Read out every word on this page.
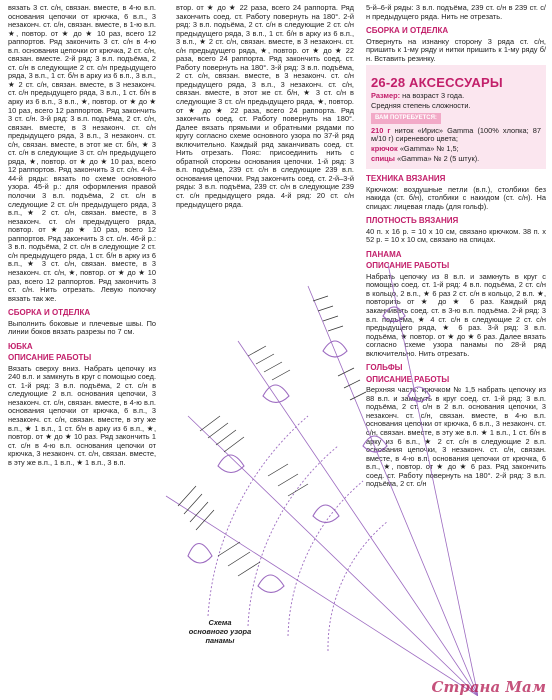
вязать 3 ст. с/н, связан. вместе, в 4-ю в.п. основания цепочки от крючка, 6 в.п., 3 незаконч. ст. с/н, связан. вместе, в 1-ю в.п. ★, повтор. от ★ до ★ 10 раз, всего 12 раппортов. Ряд закончить 3 ст. с/н в 4-ю в.п. основания цепочки от крючка, 2 ст. с/н, связан. вместе. 2-й ряд: 3 в.п. подъёма, 2 ст. с/н в следующие 2 ст. с/н предыдущего ряда, 3 в.п., 1 ст. б/н в арку из 6 в.п., 3 в.п., ★ 2 ст. с/н, связан. вместе, в 3 незаконч. ст. с/н предыдущего ряда, 3 в.п., 1 ст. б/н в арку из 6 в.п., 3 в.п., ★, повтор. от ★ до ★ 10 раз, всего 12 раппортов. Ряд закончить 3 ст. с/н. 3-й ряд: 3 в.п. подъёма, 2 ст. с/н, связан. вместе, в 3 незаконч. ст. с/н предыдущего ряда, 3 в.п., 3 незаконч. ст. с/н, связан. вместе, в этот же ст. б/н, ★ 3 ст. с/н в следующие 3 ст. с/н предыдущего ряда, ★, повтор. от ★ до ★ 10 раз, всего 12 раппортов. Ряд закончить 3 ст. с/н. 4-й–44-й ряды: вязать по схеме основного узора. 45-й р.: для оформления правой полочки 3 в.п. подъёма, 2 ст. с/н в следующие 2 ст. с/н предыдущего ряда, 3 в.п., ★ 2 ст. с/н, связан. вместе, в 3 незаконч. ст. с/н предыдущего ряда, повтор. от ★ до ★ 10 раз, всего 12 раппортов. Ряд закончить 3 ст. с/н. 46-й р.: 3 в.п. подъёма, 2 ст. с/н в следующие 2 ст. с/н предыдущего ряда, 1 ст. б/н в арку из 6 в.п., ★ 3 ст. с/н, связан. вместе, в 3 незаконч. ст. с/н, ★, повтор. от ★ до ★ 10 раз, всего 12 раппортов. Ряд закончить 3 ст. с/н. Нить отрезать. Левую полочку вязать так же.

СБОРКА И ОТДЕЛКА

Выполнить боковые и плечевые швы. По линии боков вязать разрезы по 7 см.

ЮБКА
ОПИСАНИЕ РАБОТЫ

Вязать сверху вниз. Набрать цепочку из 240 в.п. и замкнуть в круг с помощью соед. ст. 1-й ряд: 3 в.п. подъёма, 2 ст. с/н в следующие 2 в.п. основания цепочки, 3 незаконч. ст. с/н, связан. вместе, в 4-ю в.п. основания цепочки от крючка, 6 в.п., 3 незаконч. ст. с/н, связан. вместе, в эту же в.п., ★ 1 в.п., 1 ст. б/н в арку из 6 в.п., ★, повтор. от ★ до ★ 10 раз. Ряд закончить 1 ст. с/н в 4-ю в.п. основания цепочки от крючка, 3 незаконч. ст. с/н, связан. вместе, в эту же в.п., 1 в.п., ★ 1 в.п., 3 в.п.

втор. от ★ до ★ 22 раза, всего 24 раппорта. Ряд закончить соед. ст. Работу повернуть на 180°. 2-й ряд: 3 в.п. подъёма, 2 ст. с/н в следующие 2 ст. с/н предыдущего ряда, 3 в.п., 1 ст. б/н в арку из 6 в.п., 3 в.п., ★ 2 ст. с/н, связан. вместе, в 3 незаконч. ст. с/н предыдущего ряда, ★, повтор. от ★ до ★ 22 раза, всего 24 раппорта. Ряд закончить соед. ст. Работу повернуть на 180°. 3-й ряд: 3 в.п. подъёма, 2 ст. с/н, связан. вместе, в 3 незаконч. ст. с/н предыдущего ряда, 3 в.п., 3 незаконч. ст. с/н, связан. вместе, в этот же ст. б/н, ★ 3 ст. с/н в следующие 3 ст. с/н предыдущего ряда, ★, повтор. от ★ до ★ 22 раза, всего 24 раппорта. Ряд закончить соед. ст. Работу повернуть на 180°. Далее вязать прямыми и обратными рядами по кругу согласно схеме основного узора по 37-й ряд включительно. Каждый ряд заканчивать соед. ст. Нить отрезать. Пояс: присоединить нить с обратной стороны основания цепочки. 1-й ряд: 3 в.п. подъёма, 239 ст. с/н в следующие 239 в.п. основания цепочки. Ряд закончить соед. ст. 2-й–3-й ряды: 3 в.п. подъёма, 239 ст. с/н в следующие 239 ст. с/н предыдущего ряда. 4-й ряд: 20 ст. с/н предыдущего ряда.

5-й–6-й ряды: 3 в.п. подъёма, 239 ст. с/н в 239 ст. с/н предыдущего ряда. Нить не отрезать.

СБОРКА И ОТДЕЛКА

Отвернуть на изнанку сторону 3 ряда ст. с/н, пришить к 1-му ряду и нитки пришить к 1-му ряду б/н. Вставить резинку.

26-28 АКСЕССУАРЫ

Размер: на возраст 3 года.

Средняя степень сложности.

ВАМ ПОТРЕБУЕТСЯ:

210 г ниток «Ирис» Gamma (100% хлопка; 87 м/10 г) сиреневого цвета;

крючок «Gamma» № 1,5;

спицы «Gamma» № 2 (5 штук).

ТЕХНИКА ВЯЗАНИЯ

Крючком: воздушные петли (в.п.), столбики без накида (ст. б/н), столбики с накидом (ст. с/н). На спицах: лицевая гладь (для гольф).

ПЛОТНОСТЬ ВЯЗАНИЯ

40 п. х 16 р. = 10 х 10 см, связано крючком. 38 п. х 52 р. = 10 х 10 см, связано на спицах.

ПАНАМА
ОПИСАНИЕ РАБОТЫ

Набрать цепочку из 8 в.п. и замкнуть в круг с помощью соед. ст. 1-й ряд: 4 в.п. подъёма, 2 ст. с/н в кольцо, 2 в.п., ★ 6 раз 2 ст. с/н в кольцо, 2 в.п. ★, повторить от ★ до ★ 6 раз. Каждый ряд заканчивать соед. ст. в 3-ю в.п. подъёма. 2-й ряд: 3 в.п. подъёма, ★ 4 ст. с/н в следующие 2 ст. с/н предыдущего ряда, ★ 6 раз. 3-й ряд: 3 в.п. подъёма, ★ повтор. от ★ до ★ 6 раз. Далее вязать согласно схеме узора панамы по 28-й ряд включительно. Нить отрезать.

ГОЛЬФЫ
ОПИСАНИЕ РАБОТЫ

Верхняя часть: крючком № 1,5 набрать цепочку из 88 в.п. и замкнуть в круг соед. ст. 1-й ряд: 3 в.п. подъёма, 2 ст. с/н в 2 в.п. основания цепочки, 3 незаконч. ст. с/н, связан. вместе, в 4-ю в.п. основания цепочки от крючка, 6 в.п., 3 незаконч. ст. с/н, связан. вместе, в эту же в.п. ★ 1 в.п., 1 ст. б/н в арку из 6 в.п., ★ 2 ст. с/н в следующие 2 в.п. основания цепочки, 3 незаконч. ст. с/н, связан. вместе, в 4-ю в.п. основания цепочки от крючка, 6 в.п., ★, повтор. от ★ до ★ 6 раз. Ряд закончить соед. ст. Работу повернуть на 180°. 2-й ряд: 3 в.п. подъёма, 2 ст. с/н

Схема основного узора панамы
Страна Мам
